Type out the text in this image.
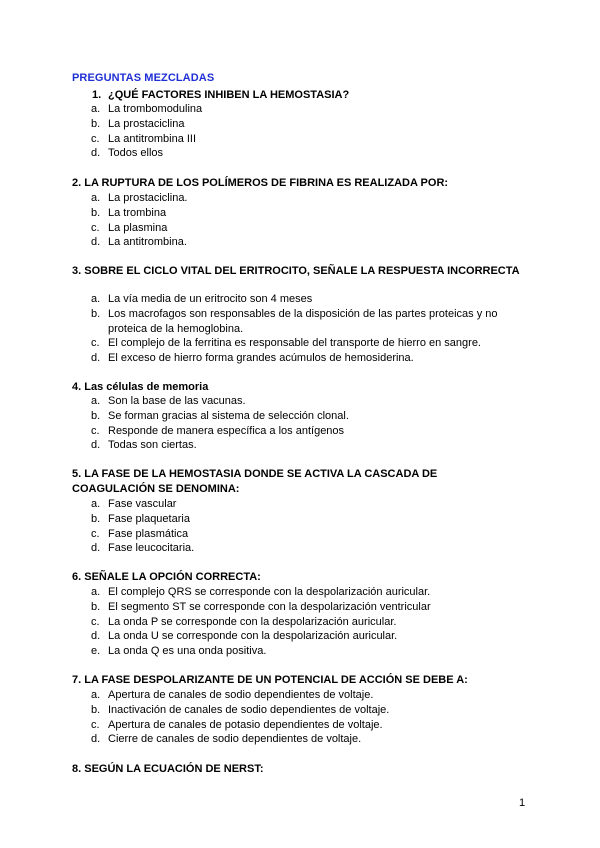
PREGUNTAS MEZCLADAS
1. ¿QUÉ FACTORES INHIBEN LA HEMOSTASIA?
a. La trombomodulina
b. La prostaciclina
c. La antitrombina III
d. Todos ellos
2. LA RUPTURA DE LOS POLÍMEROS DE FIBRINA ES REALIZADA POR:
a. La prostaciclina.
b. La trombina
c. La plasmina
d. La antitrombina.
3. SOBRE EL CICLO VITAL DEL ERITROCITO, SEÑALE LA RESPUESTA INCORRECTA
a. La vía media de un eritrocito son 4 meses
b. Los macrofagos son responsables de la disposición de las partes proteicas y no proteica de la hemoglobina.
c. El complejo de la ferritina es responsable del transporte de hierro en sangre.
d. El exceso de hierro forma grandes acúmulos de hemosiderina.
4. Las células de memoria
a. Son la base de las vacunas.
b. Se forman gracias al sistema de selección clonal.
c. Responde de manera específica a los antígenos
d. Todas son ciertas.
5. LA FASE DE LA HEMOSTASIA DONDE SE ACTIVA LA CASCADA DE COAGULACIÓN SE DENOMINA:
a. Fase vascular
b. Fase plaquetaria
c. Fase plasmática
d. Fase leucocitaria.
6. SEÑALE LA OPCIÓN CORRECTA:
a. El complejo QRS se corresponde con la despolarización auricular.
b. El segmento ST se corresponde con la despolarización ventricular
c. La onda P se corresponde con la despolarización auricular.
d. La onda U se corresponde con la despolarización auricular.
e. La onda Q es una onda positiva.
7. LA FASE DESPOLARIZANTE DE UN POTENCIAL DE ACCIÓN SE DEBE A:
a. Apertura de canales de sodio dependientes de voltaje.
b. Inactivación de canales de sodio dependientes de voltaje.
c. Apertura de canales de potasio dependientes de voltaje.
d. Cierre de canales de sodio dependientes de voltaje.
8. SEGÚN LA ECUACIÓN DE NERST:
1
